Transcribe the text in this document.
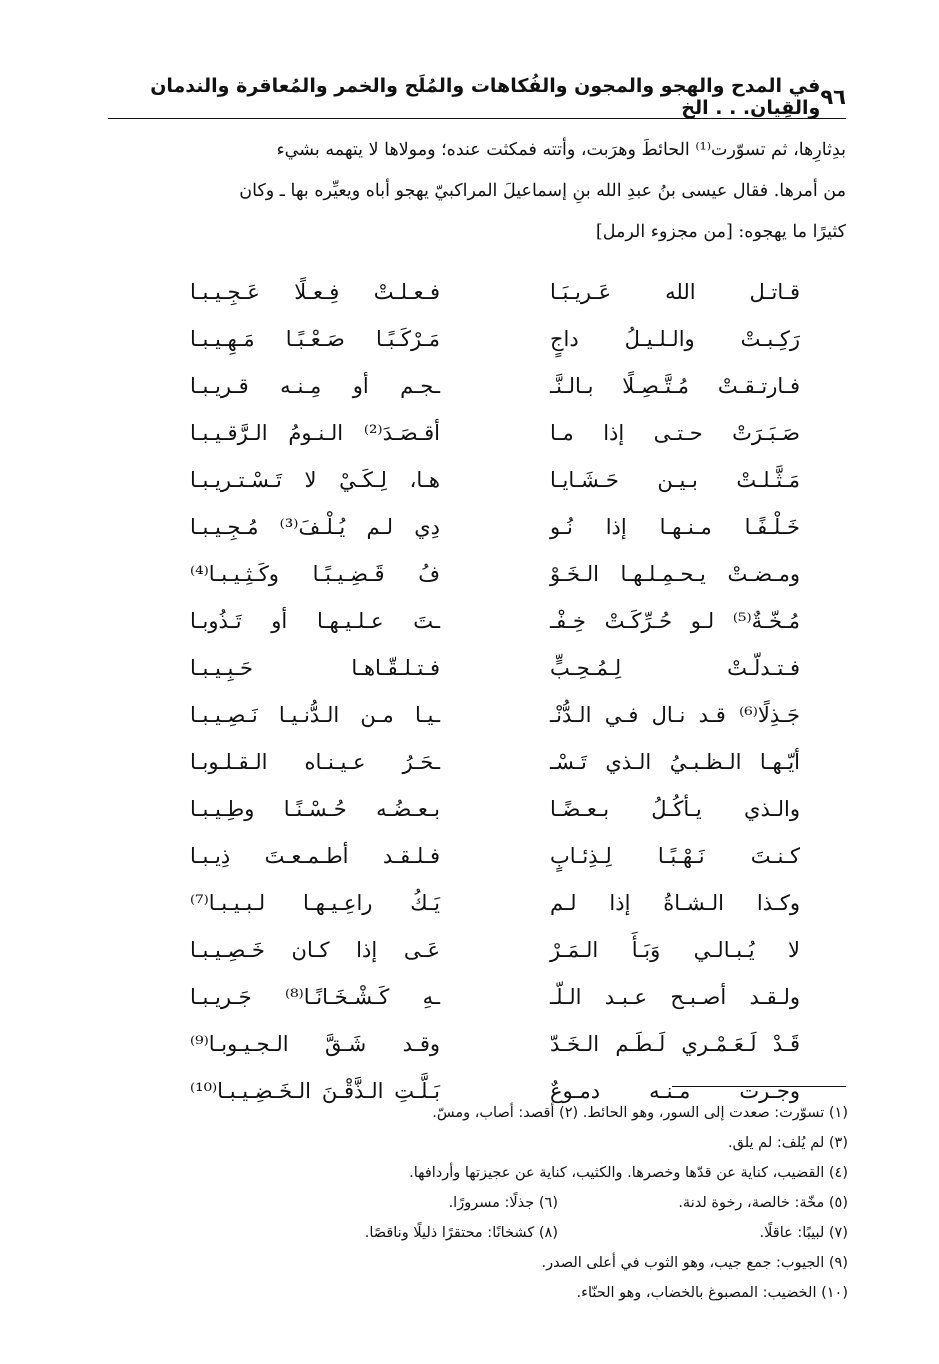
٩٦
في المدح والهجو والمجون والفُكاهات والمُلَح والخمر والمُعاقرة والندمان والقِيان. . . الخ

بدِثارِها، ثم تسوّرت⁽¹⁾ الحائطَ وهرَبت، وأتته فمكثت عنده؛ ومولاها لا يتهمه بشيء

من أمرها. فقال عيسى بنُ عبدِ الله بنِ إسماعيلَ المراكبيّ يهجو أباه ويعيِّره بها ـ وكان

كثيرًا ما يهجوه: [من مجزوء الرمل]

قـاتـل الله عَـريـبَـا
فـعـلـتْ فِـعـلًا عَـجِـيـبـا
رَكِـبـتْ والـلـيـلُ داجٍ
مَـرْكَـبًـا صَـعْـبًـا مَـهِـيـبـا
فـارتـقـتْ مُـتَّـصِـلًا بـالـنَّـ
ـجـم أو مِـنـه قـريـبـا
صَـبَـرَتْ حـتـى إذا مـا
أقـصَـدَ⁽²⁾ الـنـومُ الـرَّقـيـبـا
مَـثَّـلـتْ بـيـن حَـشَـايـا
هـا، لِـكَـيْ لا تَـسْـتـريـبـا
خَـلْـفًـا مـنـهـا إذا نُـو
دِي لـم يُـلْـفَ⁽³⁾ مُـجِـيـبـا
ومـضـتْ يـحـمِـلـهـا الـخَـوْ
فُ قَـضِـيـبًـا وكَـثِـيـبـا⁽⁴⁾
مُـخّـةٌ⁽⁵⁾ لـو حُـرِّكَـتْ خِـفْـ
ـتَ عـلـيـهـا أو تَـذُوبـا
فـتـدلّـتْ لِـمُـحِـبٍّ
فـتـلـقّـاهـا حَـبِـيـبـا
جَـذِلًا⁽⁶⁾ قـد نـال فـي الـدُّنْـ
ـيـا مـن الـدُّنـيـا نَـصِـيـبـا
أيّـهـا الـظـبـيُ الـذي تَـسْـ
ـحَـرُ عـيـنـاه الـقـلـوبـا
والـذي يـأكُـلُ بـعـضًـا
بـعـضُـه حُـسْـنًـا وطِـيـبـا
كـنـتَ نَـهْـبًـا لِـذِئـابٍ
فـلـقـد أطـمـعـتَ ذِيـبـا
وكـذا الـشـاةُ إذا لـم
يَـكُ راعِـيـهـا لـبـيـبـا⁽⁷⁾
لا يُـبـالـي وَبَـأَ الـمَـرْ
عَـى إذا كـان خَـصِـيـبـا
ولـقـد أصـبـح عـبـد الـلّـ
ـهِ كَـشْـخَـانًـا⁽⁸⁾ جَـريـبـا
قَـدْ لَـعَـمْـري لَـطَـم الـخَـدّ
وقـد شَـقَّ الـجـيـوبـا⁽⁹⁾
وجـرت مـنـه دمـوعٌ
بَـلَّـتِ الـذَّقْـنَ الـخَـضِـيـبـا⁽¹⁰⁾
(١) تسوّرت: صعدت إلى السور، وهو الحائط. (٢) أقصد: أصاب، ومسّ.
(٣) لم يُلف: لم يلق.
(٤) القضيب، كناية عن قدّها وخصرها. والكثيب، كناية عن عجيزتها وأردافها.
(٥) مخّة: خالصة، رخوة لدنة.
(٦) جذلًا: مسرورًا.
(٧) لبيبًا: عاقلًا.
(٨) كشخانًا: محتقرًا ذليلًا وناقصًا.
(٩) الجيوب: جمع جيب، وهو الثوب في أعلى الصدر.
(١٠) الخضيب: المصبوغ بالخضاب، وهو الحنّاء.
